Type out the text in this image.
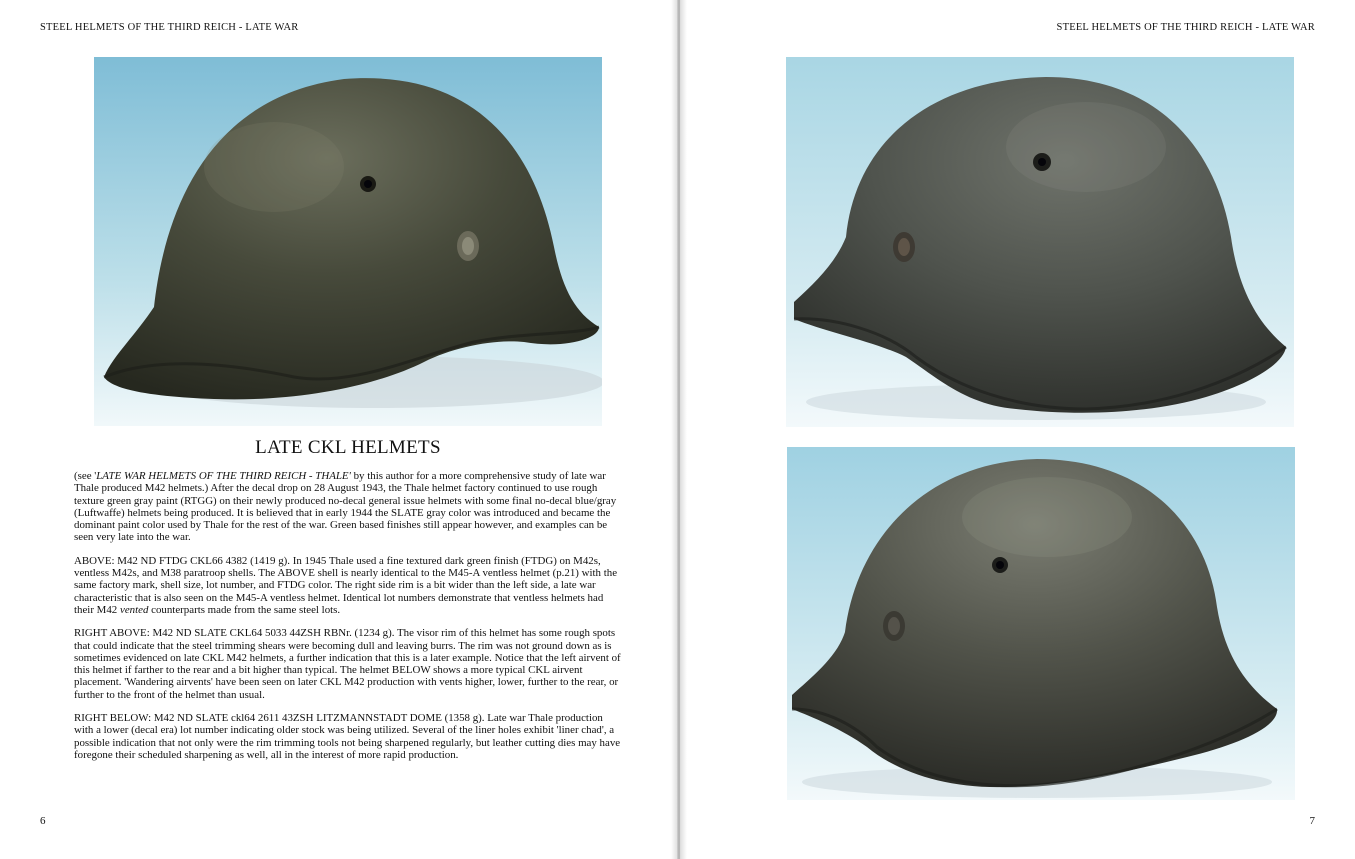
STEEL HELMETS OF THE THIRD REICH - LATE WAR
LATE CKL HELMETS

(see 'LATE WAR HELMETS OF THE THIRD REICH - THALE' by this author for a more comprehensive study of late war Thale produced M42 helmets.) After the decal drop on 28 August 1943, the Thale helmet factory continued to use rough texture green gray paint (RTGG) on their newly produced no-decal general issue helmets with some final no-decal blue/gray (Luftwaffe) helmets being produced. It is believed that in early 1944 the SLATE gray color was introduced and became the dominant paint color used by Thale for the rest of the war. Green based finishes still appear however, and examples can be seen very late into the war.

ABOVE: M42 ND FTDG CKL66 4382 (1419 g). In 1945 Thale used a fine textured dark green finish (FTDG) on M42s, ventless M42s, and M38 paratroop shells. The ABOVE shell is nearly identical to the M45-A ventless helmet (p.21) with the same factory mark, shell size, lot number, and FTDG color. The right side rim is a bit wider than the left side, a late war characteristic that is also seen on the M45-A ventless helmet. Identical lot numbers demonstrate that ventless helmets had their M42 vented counterparts made from the same steel lots.

RIGHT ABOVE: M42 ND SLATE CKL64 5033 44ZSH RBNr. (1234 g). The visor rim of this helmet has some rough spots that could indicate that the steel trimming shears were becoming dull and leaving burrs. The rim was not ground down as is sometimes evidenced on late CKL M42 helmets, a further indication that this is a later example. Notice that the left airvent of this helmet if farther to the rear and a bit higher than typical. The helmet BELOW shows a more typical CKL airvent placement. 'Wandering airvents' have been seen on later CKL M42 production with vents higher, lower, further to the rear, or further to the front of the helmet than usual.

RIGHT BELOW: M42 ND SLATE ckl64 2611 43ZSH LITZMANNSTADT DOME (1358 g). Late war Thale production with a lower (decal era) lot number indicating older stock was being utilized. Several of the liner holes exhibit 'liner chad', a possible indication that not only were the rim trimming tools not being sharpened regularly, but leather cutting dies may have foregone their scheduled sharpening as well, all in the interest of more rapid production.

6
STEEL HELMETS OF THE THIRD REICH - LATE WAR
7
